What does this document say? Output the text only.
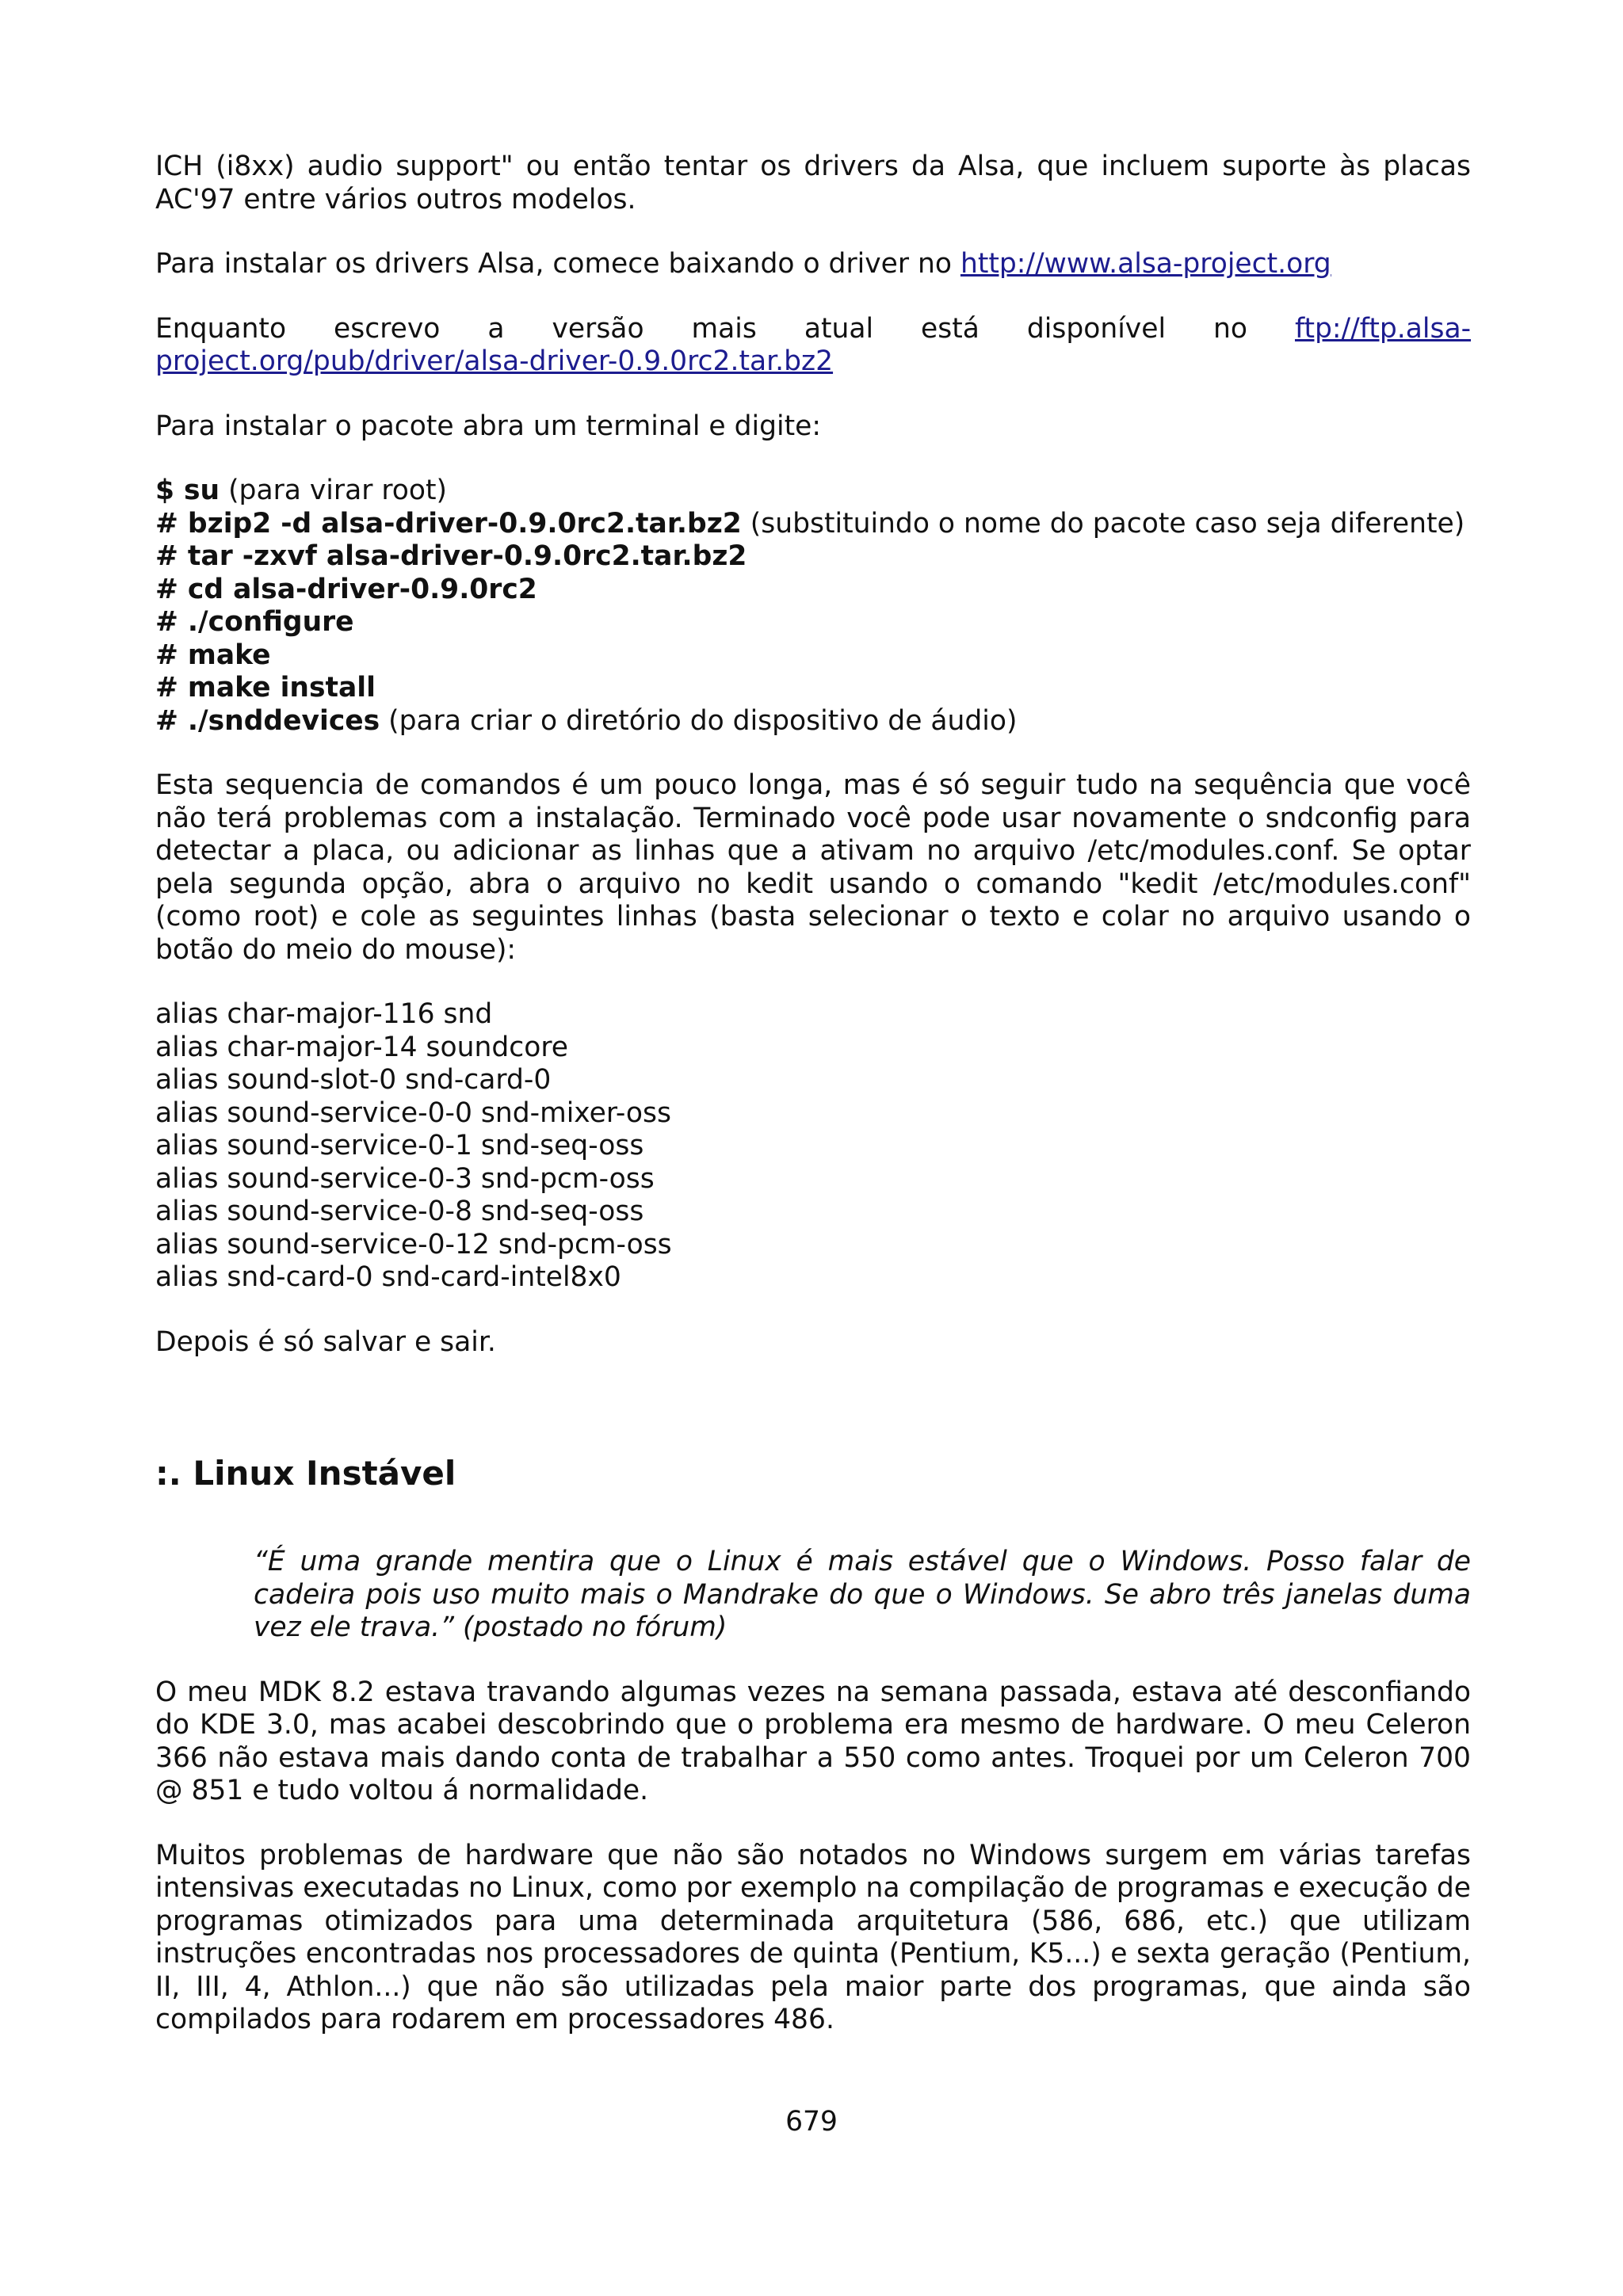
ICH (i8xx) audio support" ou então tentar os drivers da Alsa, que incluem suporte às placas

AC'97 entre vários outros modelos.

Para instalar os drivers Alsa, comece baixando o driver no http://www.alsa-project.org

Enquanto escrevo a versão mais atual está disponível no ftp://ftp.alsa-

project.org/pub/driver/alsa-driver-0.9.0rc2.tar.bz2

Para instalar o pacote abra um terminal e digite:

$ su (para virar root)

# bzip2 -d alsa-driver-0.9.0rc2.tar.bz2 (substituindo o nome do pacote caso seja diferente)

# tar -zxvf alsa-driver-0.9.0rc2.tar.bz2

# cd alsa-driver-0.9.0rc2

# ./configure

# make

# make install

# ./snddevices (para criar o diretório do dispositivo de áudio)

Esta sequencia de comandos é um pouco longa, mas é só seguir tudo na sequência que você não terá problemas com a instalação. Terminado você pode usar novamente o sndconfig para detectar a placa, ou adicionar as linhas que a ativam no arquivo /etc/modules.conf. Se optar pela segunda opção, abra o arquivo no kedit usando o comando "kedit /etc/modules.conf" (como root) e cole as seguintes linhas (basta selecionar o texto e colar no arquivo usando o botão do meio do mouse):

alias char-major-116 snd

alias char-major-14 soundcore

alias sound-slot-0 snd-card-0

alias sound-service-0-0 snd-mixer-oss

alias sound-service-0-1 snd-seq-oss

alias sound-service-0-3 snd-pcm-oss

alias sound-service-0-8 snd-seq-oss

alias sound-service-0-12 snd-pcm-oss

alias snd-card-0 snd-card-intel8x0

Depois é só salvar e sair.

:. Linux Instável

“É uma grande mentira que o Linux é mais estável que o Windows. Posso falar de cadeira pois uso muito mais o Mandrake do que o Windows. Se abro três janelas duma vez ele trava.” (postado no fórum)

O meu MDK 8.2 estava travando algumas vezes na semana passada, estava até desconfiando do KDE 3.0, mas acabei descobrindo que o problema era mesmo de hardware. O meu Celeron 366 não estava mais dando conta de trabalhar a 550 como antes. Troquei por um Celeron 700 @ 851 e tudo voltou á normalidade.

Muitos problemas de hardware que não são notados no Windows surgem em várias tarefas intensivas executadas no Linux, como por exemplo na compilação de programas e execução de programas otimizados para uma determinada arquitetura (586, 686, etc.) que utilizam instruções encontradas nos processadores de quinta (Pentium, K5...) e sexta geração (Pentium, II, III, 4, Athlon...) que não são utilizadas pela maior parte dos programas, que ainda são compilados para rodarem em processadores 486.

679
